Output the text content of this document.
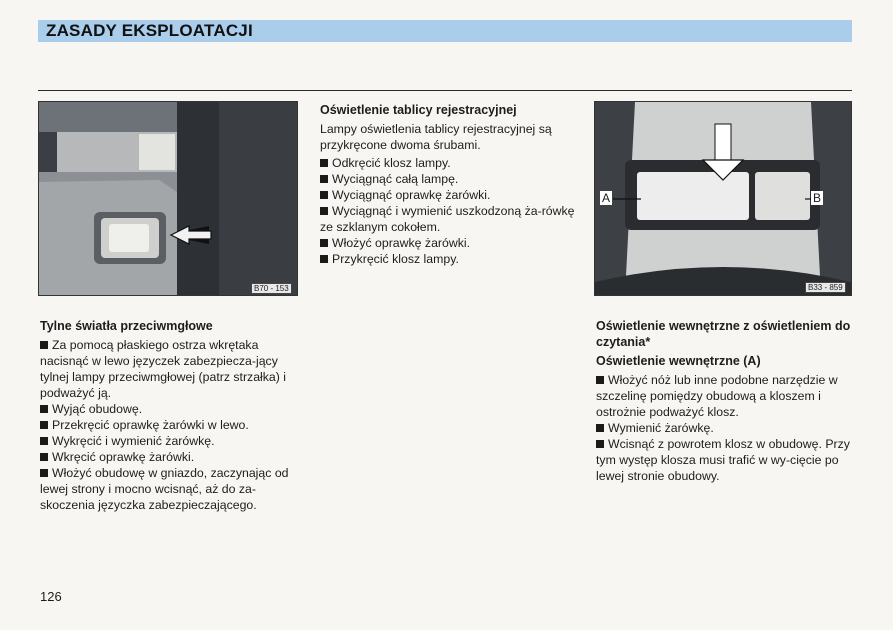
ZASADY EKSPLOATACJI
B70 - 153
A	B
B33 - 859
Tylne światła przeciwmgłowe
Za pomocą płaskiego ostrza wkrętaka nacisnąć w lewo języczek zabezpiecza-jący tylnej lampy przeciwmgłowej (patrz strzałka) i podważyć ją.
Wyjąć obudowę.
Przekręcić oprawkę żarówki w lewo.
Wykręcić i wymienić żarówkę.
Wkręcić oprawkę żarówki.
Włożyć obudowę w gniazdo, zaczynając od lewej strony i mocno wcisnąć, aż do za-skoczenia języczka zabezpieczającego.
Oświetlenie tablicy rejestracyjnej
Lampy oświetlenia tablicy rejestracyjnej są przykręcone dwoma śrubami.
Odkręcić klosz lampy.
Wyciągnąć całą lampę.
Wyciągnąć oprawkę żarówki.
Wyciągnąć i wymienić uszkodzoną ża-rówkę ze szklanym cokołem.
Włożyć oprawkę żarówki.
Przykręcić klosz lampy.
Oświetlenie wewnętrzne z oświetleniem do czytania*
Oświetlenie wewnętrzne (A)
Włożyć nóż lub inne podobne narzędzie w szczelinę pomiędzy obudową a kloszem i ostrożnie podważyć klosz.
Wymienić żarówkę.
Wcisnąć z powrotem klosz w obudowę. Przy tym występ klosza musi trafić w wy-cięcie po lewej stronie obudowy.
126
